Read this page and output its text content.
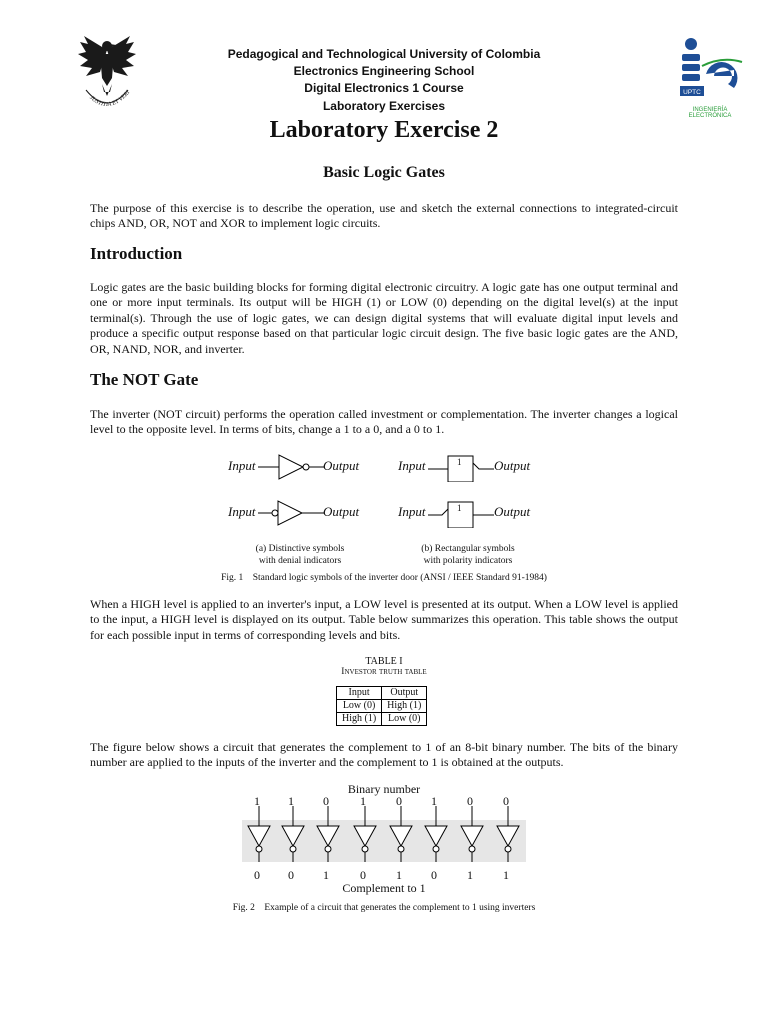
JUSTITIA ET VERI	UPTC
INGENIERÍA ELECTRÓNICA
Pedagogical and Technological University of Colombia
Electronics Engineering School
Digital Electronics 1 Course
Laboratory Exercises
Laboratory Exercise 2
Basic Logic Gates
The purpose of this exercise is to describe the operation, use and sketch the external connections to integrated-circuit chips AND, OR, NOT and XOR to implement logic circuits.
Introduction
Logic gates are the basic building blocks for forming digital electronic circuitry. A logic gate has one output terminal and one or more input terminals. Its output will be HIGH (1) or LOW (0) depending on the digital level(s) at the input terminal(s). Through the use of logic gates, we can design digital systems that will evaluate digital input levels and produce a specific output response based on that particular logic circuit design. The five basic logic gates are the AND, OR, NAND, NOR, and inverter.
The NOT Gate
The inverter (NOT circuit) performs the operation called investment or complementation. The inverter changes a logical level to the opposite level. In terms of bits, change a 1 to a 0, and a 0 to 1.
Input	Output	Input	Output
1
Input	Output	Input	Output
1
(a) Distinctive symbols
with denial indicators
(b) Rectangular symbols
with polarity indicators
Fig. 1    Standard logic symbols of the inverter door (ANSI / IEEE Standard 91-1984)
When a HIGH level is applied to an inverter's input, a LOW level is presented at its output. When a LOW level is applied to the input, a HIGH level is displayed on its output. Table below summarizes this operation. This table shows the output for each possible input in terms of corresponding levels and bits.
TABLE I
Investor truth table
Input	Output
Low (0)	High (1)
High (1)	Low (0)
The figure below shows a circuit that generates the complement to 1 of an 8-bit binary number. The bits of the binary number are applied to the inputs of the inverter and the complement to 1 is obtained at the outputs.
Binary number
1 1 0	1	0 1	0	0
0 0 1	0	1 0	1	1
Complement to 1
Fig. 2    Example of a circuit that generates the complement to 1 using inverters
